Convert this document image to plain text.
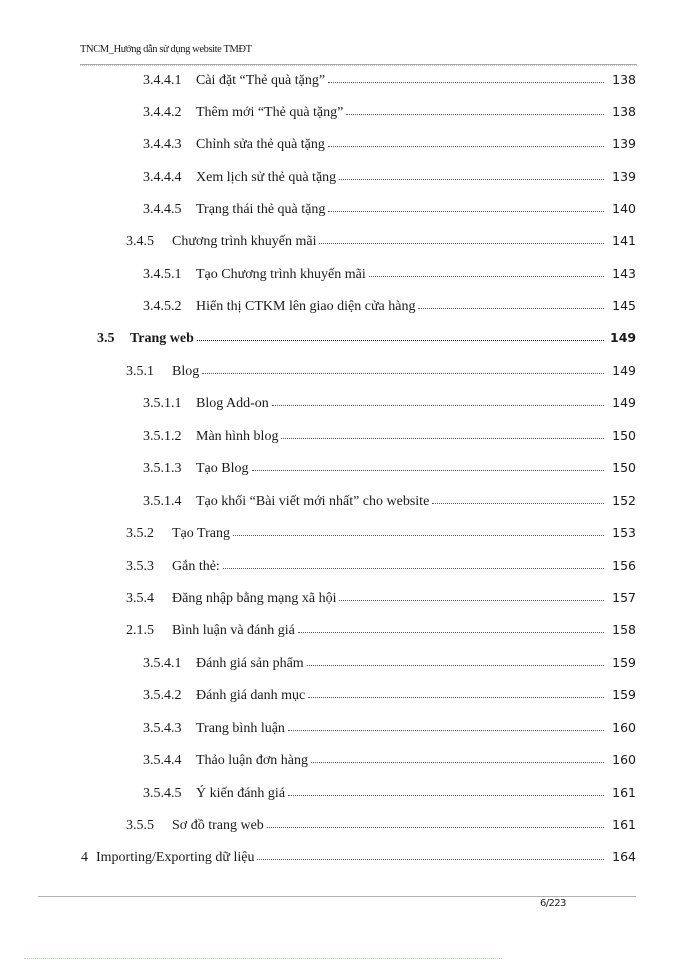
TNCM_Hướng dẫn sử dụng website TMĐT
3.4.4.1	Cài đặt “Thẻ quà tặng”	138
3.4.4.2	Thêm mới “Thẻ quà tặng”	138
3.4.4.3	Chỉnh sửa thẻ quà tặng	139
3.4.4.4	Xem lịch sử thẻ quà tặng	139
3.4.4.5	Trạng thái thẻ quà tặng	140
3.4.5	Chương trình khuyến mãi	141
3.4.5.1	Tạo Chương trình khuyến mãi	143
3.4.5.2	Hiển thị CTKM lên giao diện cửa hàng	145
3.5	Trang web	149
3.5.1	Blog	149
3.5.1.1	Blog Add-on	149
3.5.1.2	Màn hình blog	150
3.5.1.3	Tạo Blog	150
3.5.1.4	Tạo khối “Bài viết mới nhất” cho website	152
3.5.2	Tạo Trang	153
3.5.3	Gắn thẻ:	156
3.5.4	Đăng nhập bằng mạng xã hội	157
2.1.5	Bình luận và đánh giá	158
3.5.4.1	Đánh giá sản phẩm	159
3.5.4.2	Đánh giá danh mục	159
3.5.4.3	Trang bình luận	160
3.5.4.4	Thảo luận đơn hàng	160
3.5.4.5	Ý kiến đánh giá	161
3.5.5	Sơ đồ trang web	161
4 Importing/Exporting dữ liệu	164
6/223
